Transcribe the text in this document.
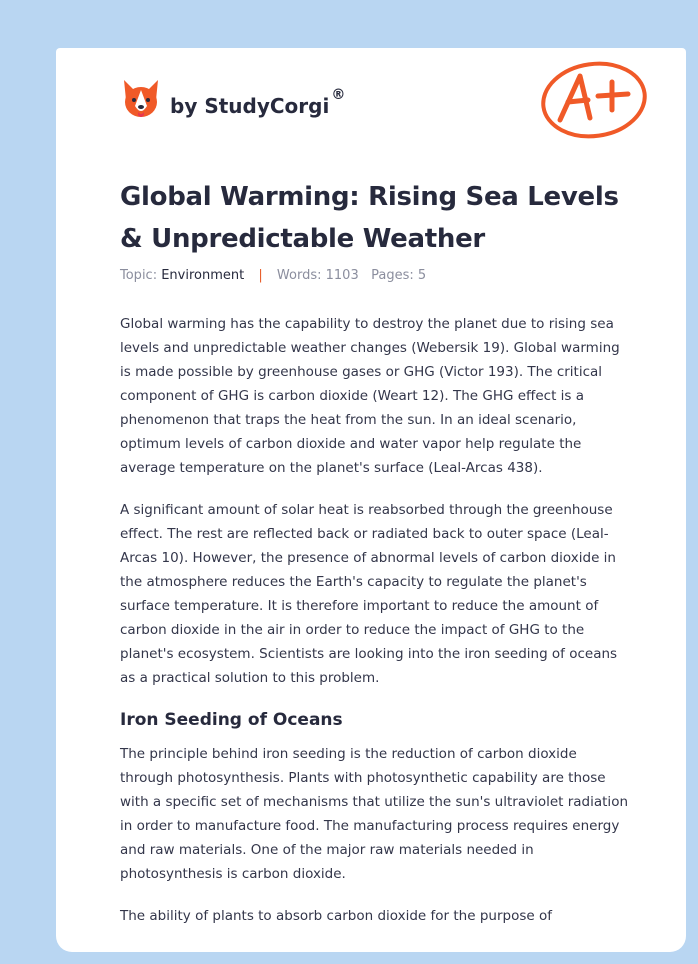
by StudyCorgi ®
Global Warming: Rising Sea Levels & Unpredictable Weather
Topic: Environment | Words: 1103 Pages: 5

Global warming has the capability to destroy the planet due to rising sea levels and unpredictable weather changes (Webersik 19). Global warming is made possible by greenhouse gases or GHG (Victor 193). The critical component of GHG is carbon dioxide (Weart 12). The GHG effect is a phenomenon that traps the heat from the sun. In an ideal scenario, optimum levels of carbon dioxide and water vapor help regulate the average temperature on the planet's surface (Leal-Arcas 438).

A significant amount of solar heat is reabsorbed through the greenhouse effect. The rest are reflected back or radiated back to outer space (Leal-Arcas 10). However, the presence of abnormal levels of carbon dioxide in the atmosphere reduces the Earth's capacity to regulate the planet's surface temperature. It is therefore important to reduce the amount of carbon dioxide in the air in order to reduce the impact of GHG to the planet's ecosystem. Scientists are looking into the iron seeding of oceans as a practical solution to this problem.

Iron Seeding of Oceans

The principle behind iron seeding is the reduction of carbon dioxide through photosynthesis. Plants with photosynthetic capability are those with a specific set of mechanisms that utilize the sun's ultraviolet radiation in order to manufacture food. The manufacturing process requires energy and raw materials. One of the major raw materials needed in photosynthesis is carbon dioxide.

The ability of plants to absorb carbon dioxide for the purpose of
